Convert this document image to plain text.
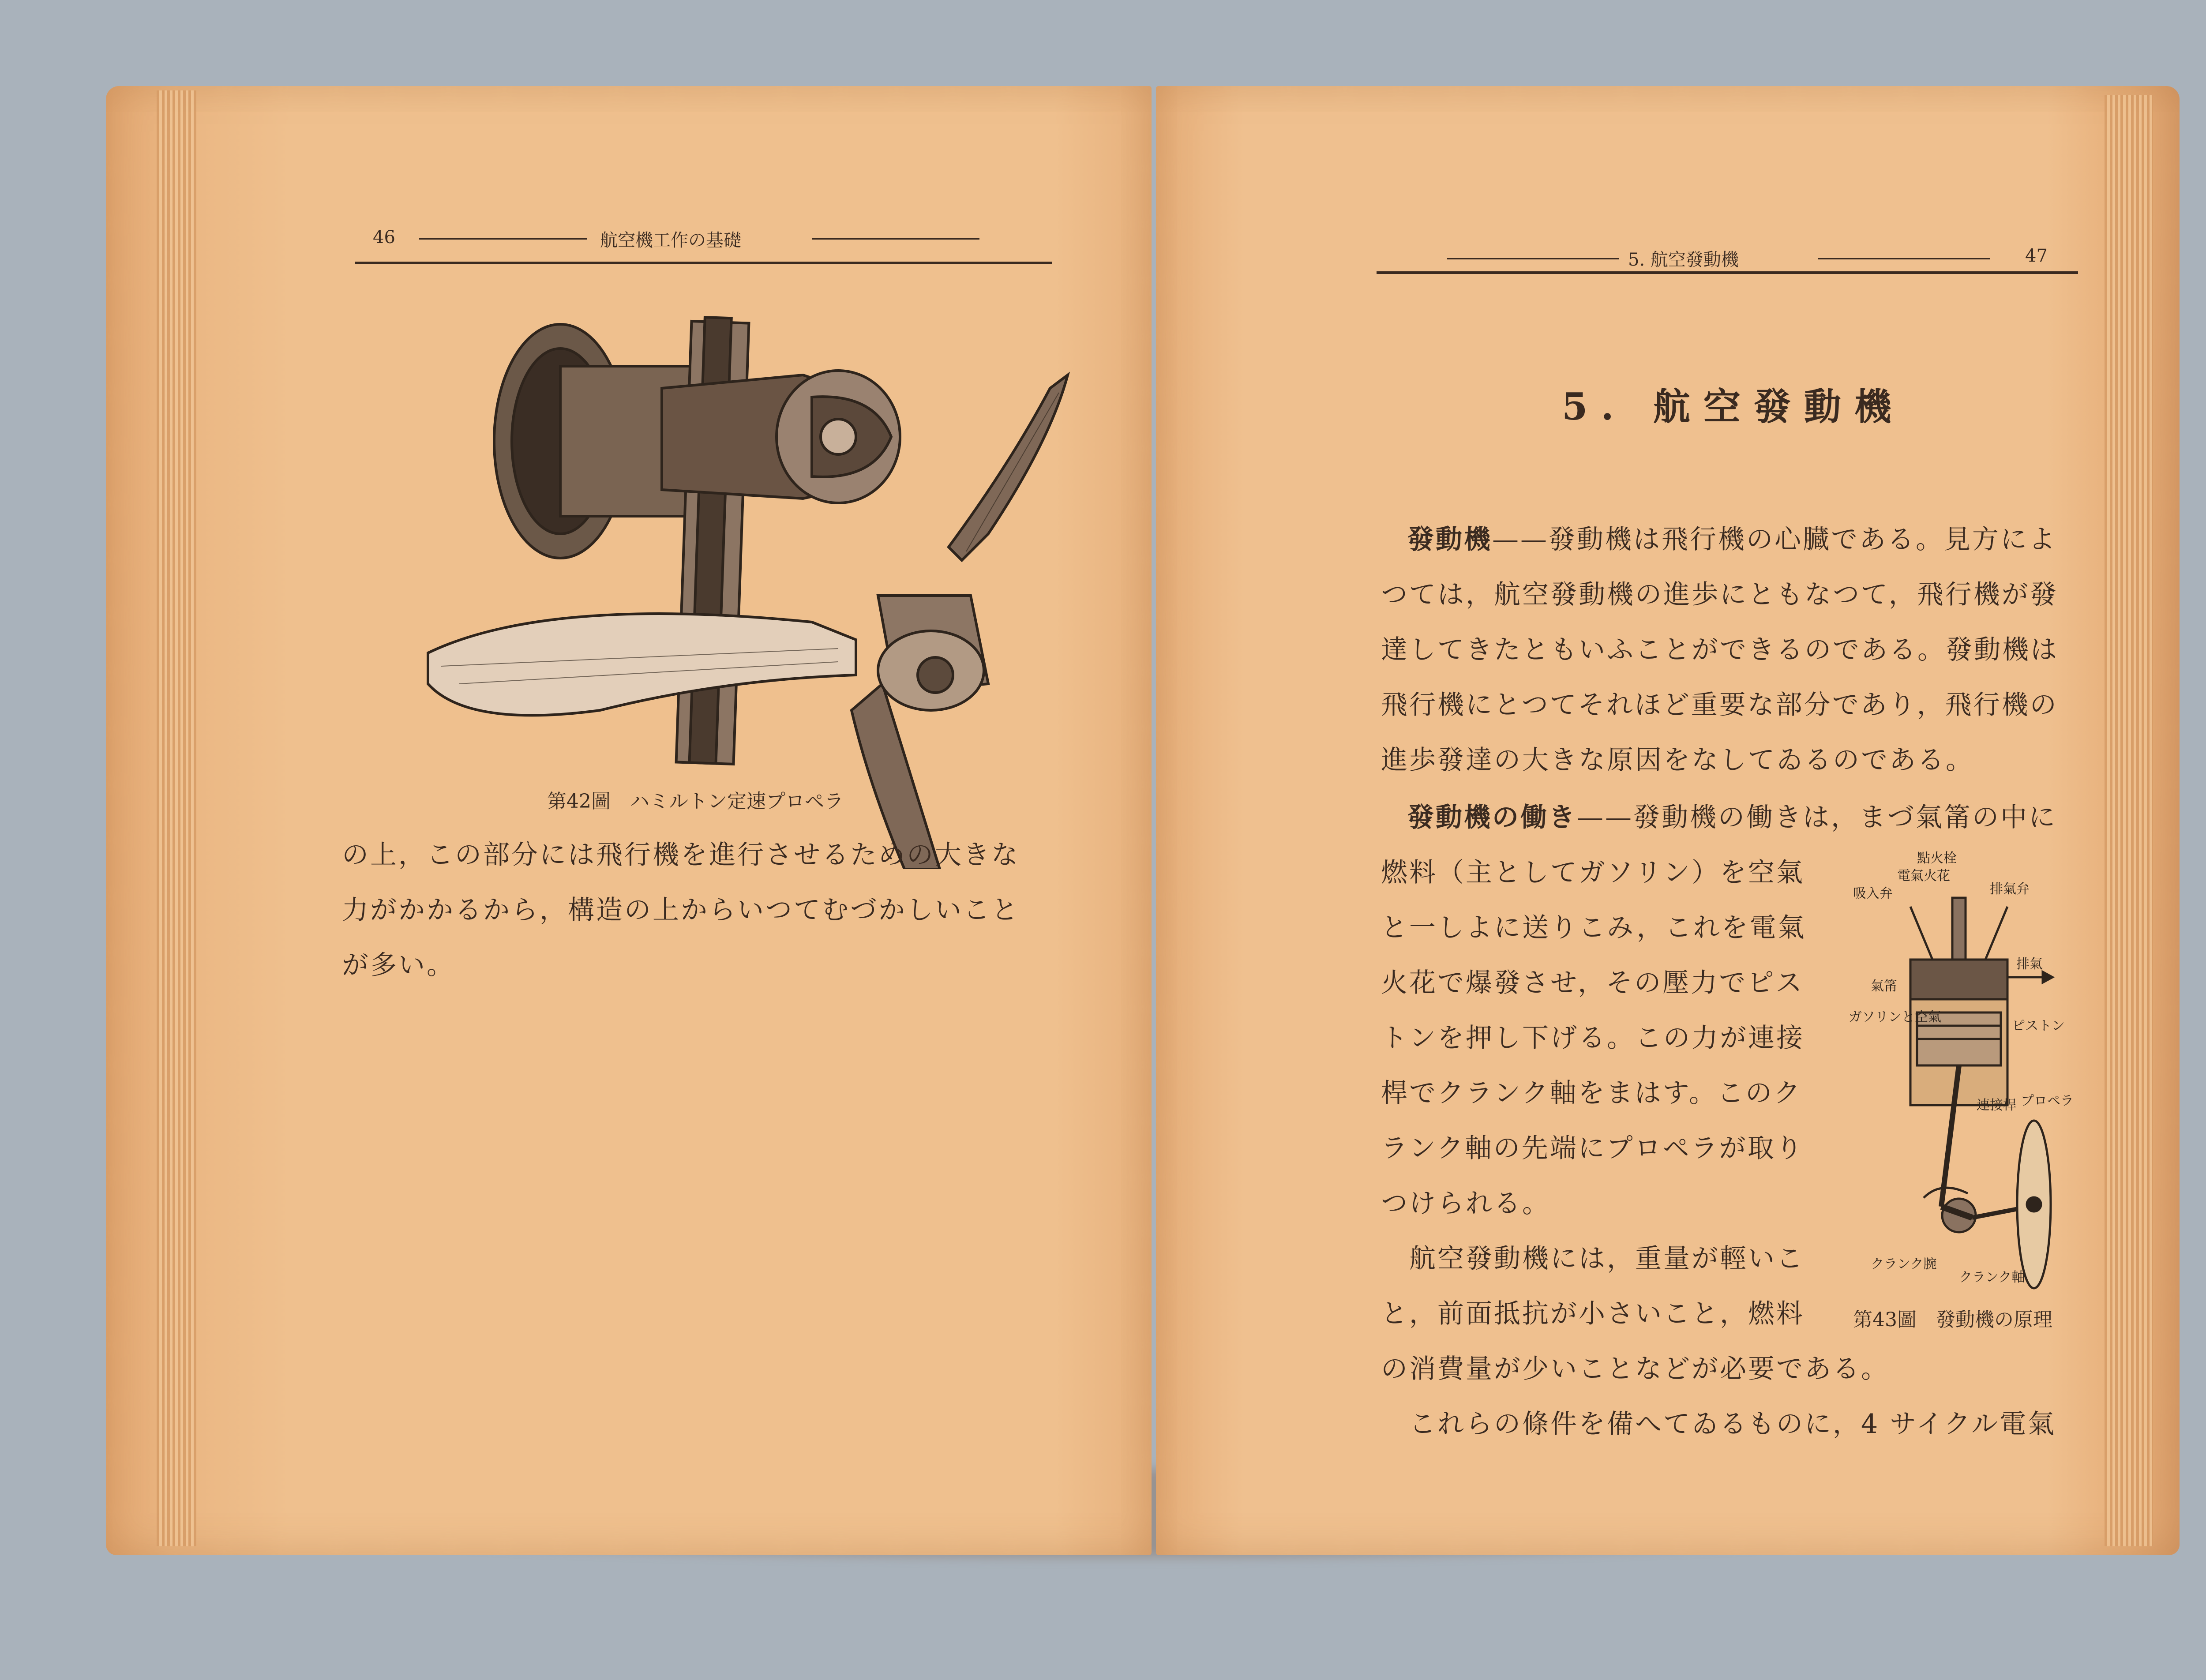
46	航空機工作の基礎
第42圖　ハミルトン定速プロペラ
の上，この部分には飛行機を進行させるための大きな
力がかかるから，構造の上からいつてむづかしいこと
が多い。
5. 航空發動機	47
5. 航空發動機
發動機——發動機は飛行機の心臓である。見方によ
つては，航空發動機の進歩にともなつて，飛行機が發
達してきたともいふことができるのである。發動機は
飛行機にとつてそれほど重要な部分であり，飛行機の
進歩發達の大きな原因をなしてゐるのである。
發動機の働き——發動機の働きは，まづ氣筩の中に
燃料（主としてガソリン）を空氣
と一しよに送りこみ，これを電氣
火花で爆發させ，その壓力でピス
トンを押し下げる。この力が連接
桿でクランク軸をまはす。このク
ランク軸の先端にプロペラが取り
つけられる。
　航空發動機には，重量が輕いこ
と，前面抵抗が小さいこと，燃料
の消費量が少いことなどが必要である。
　これらの條件を備へてゐるものに，4 サイクル電氣
點火栓
電氣火花
吸入弁	排氣弁
排氣
氣筩
ガソリンと空氣
ピストン
連接桿
クランク腕
クランク軸
プロペラ
第43圖　發動機の原理
